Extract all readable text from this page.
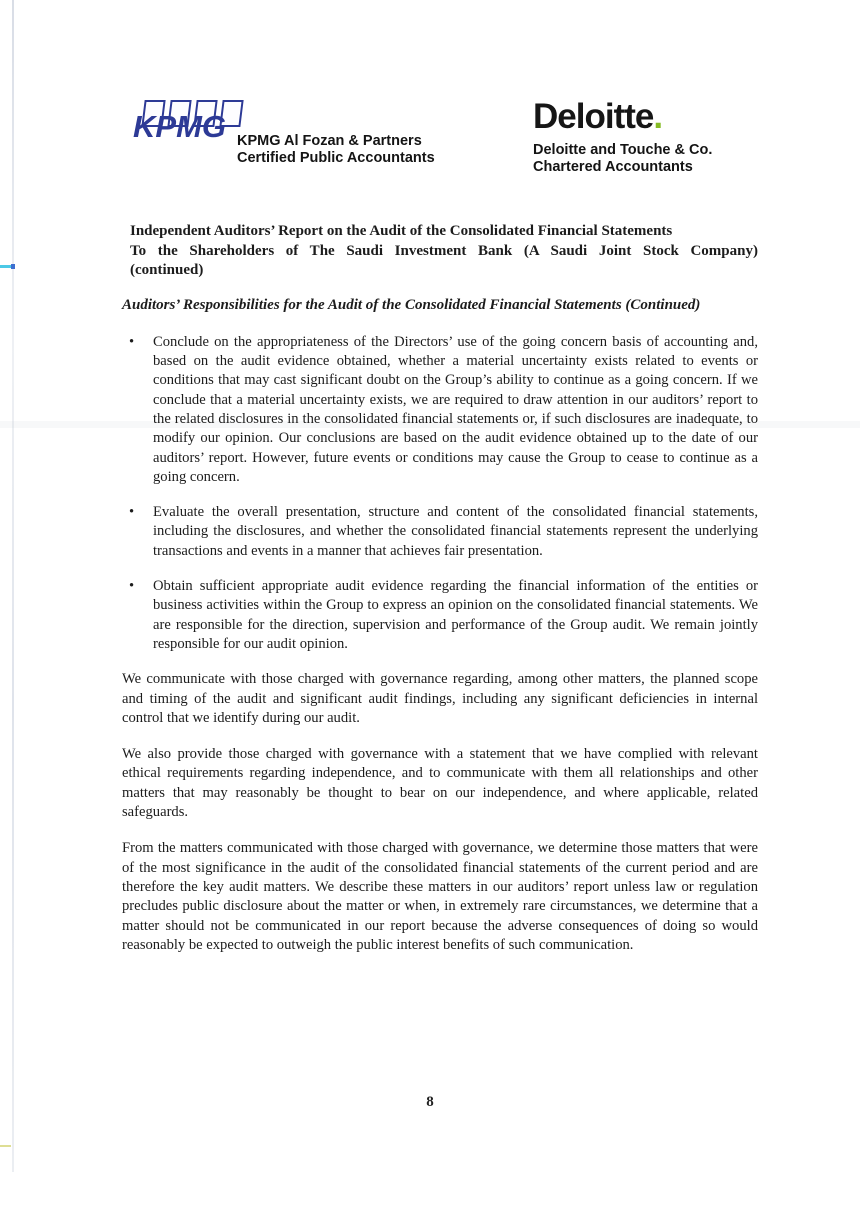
KPMG KPMG Al Fozan & Partners
Certified Public Accountants
Deloitte.
Deloitte and Touche & Co.
Chartered Accountants
Independent Auditors’ Report on the Audit of the Consolidated Financial Statements
To the Shareholders of The Saudi Investment Bank (A Saudi Joint Stock Company)
(continued)
Auditors’ Responsibilities for the Audit of the Consolidated Financial Statements (Continued)
•	Conclude on the appropriateness of the Directors’ use of the going concern basis of accounting and, based on the audit evidence obtained, whether a material uncertainty exists related to events or conditions that may cast significant doubt on the Group’s ability to continue as a going concern. If we conclude that a material uncertainty exists, we are required to draw attention in our auditors’ report to the related disclosures in the consolidated financial statements or, if such disclosures are inadequate, to modify our opinion. Our conclusions are based on the audit evidence obtained up to the date of our auditors’ report. However, future events or conditions may cause the Group to cease to continue as a going concern.
•	Evaluate the overall presentation, structure and content of the consolidated financial statements, including the disclosures, and whether the consolidated financial statements represent the underlying transactions and events in a manner that achieves fair presentation.
•	Obtain sufficient appropriate audit evidence regarding the financial information of the entities or business activities within the Group to express an opinion on the consolidated financial statements. We are responsible for the direction, supervision and performance of the Group audit. We remain jointly responsible for our audit opinion.
We communicate with those charged with governance regarding, among other matters, the planned scope and timing of the audit and significant audit findings, including any significant deficiencies in internal control that we identify during our audit.
We also provide those charged with governance with a statement that we have complied with relevant ethical requirements regarding independence, and to communicate with them all relationships and other matters that may reasonably be thought to bear on our independence, and where applicable, related safeguards.
From the matters communicated with those charged with governance, we determine those matters that were of the most significance in the audit of the consolidated financial statements of the current period and are therefore the key audit matters. We describe these matters in our auditors’ report unless law or regulation precludes public disclosure about the matter or when, in extremely rare circumstances, we determine that a matter should not be communicated in our report because the adverse consequences of doing so would reasonably be expected to outweigh the public interest benefits of such communication.
8
